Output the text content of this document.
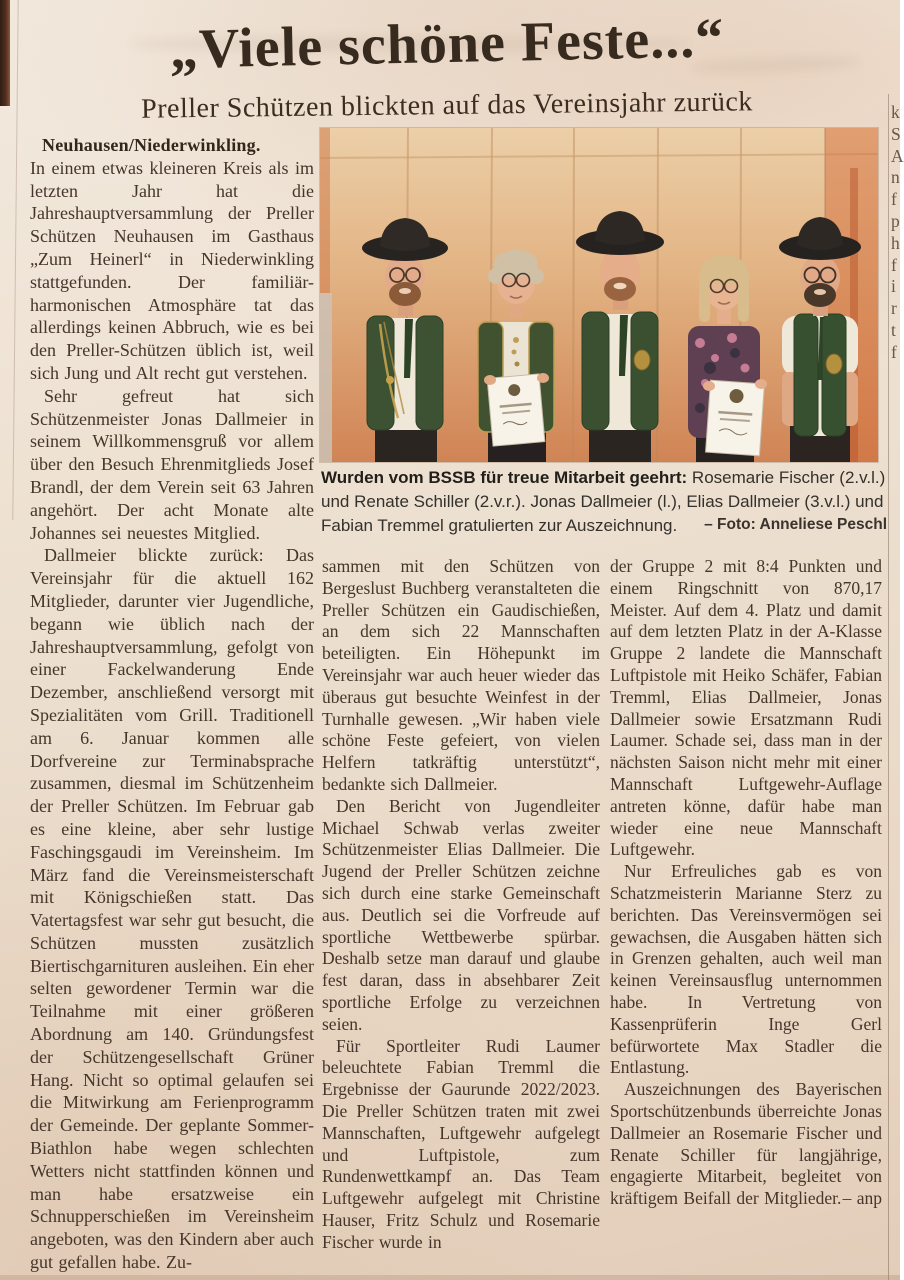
„Viele schöne Feste...“
Preller Schützen blickten auf das Vereinsjahr zurück

Neuhausen/Niederwinkling.
In einem etwas kleineren Kreis als im letzten Jahr hat die Jahreshauptversammlung der Preller Schützen Neuhausen im Gasthaus „Zum Heinerl“ in Niederwinkling stattgefunden. Der familiär-harmonischen Atmosphäre tat das allerdings keinen Abbruch, wie es bei den Preller-Schützen üblich ist, weil sich Jung und Alt recht gut verstehen.

Sehr gefreut hat sich Schützenmeister Jonas Dallmeier in seinem Willkommensgruß vor allem über den Besuch Ehrenmitglieds Josef Brandl, der dem Verein seit 63 Jahren angehört. Der acht Monate alte Johannes sei neuestes Mitglied.

Dallmeier blickte zurück: Das Vereinsjahr für die aktuell 162 Mitglieder, darunter vier Jugendliche, begann wie üblich nach der Jahreshauptversammlung, gefolgt von einer Fackelwanderung Ende Dezember, anschließend versorgt mit Spezialitäten vom Grill. Traditionell am 6. Januar kommen alle Dorfvereine zur Terminabsprache zusammen, diesmal im Schützenheim der Preller Schützen. Im Februar gab es eine kleine, aber sehr lustige Faschingsgaudi im Vereinsheim. Im März fand die Vereinsmeisterschaft mit Königschießen statt. Das Vatertagsfest war sehr gut besucht, die Schützen mussten zusätzlich Biertischgarnituren ausleihen. Ein eher selten gewordener Termin war die Teilnahme mit einer größeren Abordnung am 140. Gründungsfest der Schützengesellschaft Grüner Hang. Nicht so optimal gelaufen sei die Mitwirkung am Ferienprogramm der Gemeinde. Der geplante Sommer-Biathlon habe wegen schlechten Wetters nicht stattfinden können und man habe ersatzweise ein Schnupperschießen im Vereinsheim angeboten, was den Kindern aber auch gut gefallen habe. Zu-

Wurden vom BSSB für treue Mitarbeit geehrt: Rosemarie Fischer (2.v.l.) und Renate Schiller (2.v.r.). Jonas Dallmeier (l.), Elias Dallmeier (3.v.l.) und Fabian Tremmel gratulierten zur Auszeichnung. – Foto: Anneliese Peschl

sammen mit den Schützen von Bergeslust Buchberg veranstalteten die Preller Schützen ein Gaudischießen, an dem sich 22 Mannschaften beteiligten. Ein Höhepunkt im Vereinsjahr war auch heuer wieder das überaus gut besuchte Weinfest in der Turnhalle gewesen. „Wir haben viele schöne Feste gefeiert, von vielen Helfern tatkräftig unterstützt“, bedankte sich Dallmeier.

Den Bericht von Jugendleiter Michael Schwab verlas zweiter Schützenmeister Elias Dallmeier. Die Jugend der Preller Schützen zeichne sich durch eine starke Gemeinschaft aus. Deutlich sei die Vorfreude auf sportliche Wettbewerbe spürbar. Deshalb setze man darauf und glaube fest daran, dass in absehbarer Zeit sportliche Erfolge zu verzeichnen seien.

Für Sportleiter Rudi Laumer beleuchtete Fabian Tremml die Ergebnisse der Gaurunde 2022/2023. Die Preller Schützen traten mit zwei Mannschaften, Luftgewehr aufgelegt und Luftpistole, zum Rundenwettkampf an. Das Team Luftgewehr aufgelegt mit Christine Hauser, Fritz Schulz und Rosemarie Fischer wurde in

der Gruppe 2 mit 8:4 Punkten und einem Ringschnitt von 870,17 Meister. Auf dem 4. Platz und damit auf dem letzten Platz in der A-Klasse Gruppe 2 landete die Mannschaft Luftpistole mit Heiko Schäfer, Fabian Tremml, Elias Dallmeier, Jonas Dallmeier sowie Ersatzmann Rudi Laumer. Schade sei, dass man in der nächsten Saison nicht mehr mit einer Mannschaft Luftgewehr-Auflage antreten könne, dafür habe man wieder eine neue Mannschaft Luftgewehr.

Nur Erfreuliches gab es von Schatzmeisterin Marianne Sterz zu berichten. Das Vereinsvermögen sei gewachsen, die Ausgaben hätten sich in Grenzen gehalten, auch weil man keinen Vereinsausflug unternommen habe. In Vertretung von Kassenprüferin Inge Gerl befürwortete Max Stadler die Entlastung.

Auszeichnungen des Bayerischen Sportschützenbunds überreichte Jonas Dallmeier an Rosemarie Fischer und Renate Schiller für langjährige, engagierte Mitarbeit, begleitet von kräftigem Beifall der Mitglieder. – anp

k
S
A
n
f
p
h
f
i
r
t
f
